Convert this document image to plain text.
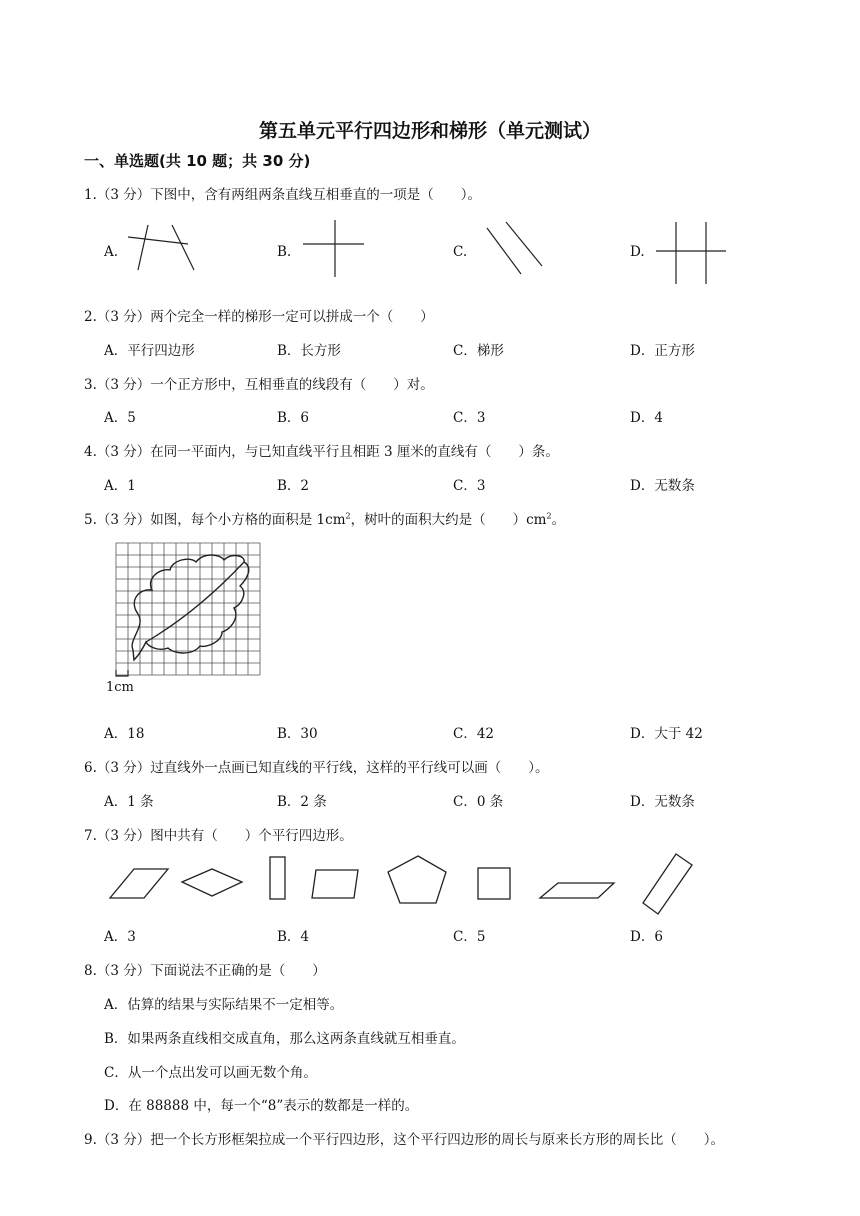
第五单元平行四边形和梯形（单元测试）
一、单选题(共 10 题；共 30 分)
1.（3 分）下图中，含有两组两条直线互相垂直的一项是（　　）。
A.	B.	C.	D.
2.（3 分）两个完全一样的梯形一定可以拼成一个（　　）
A．平行四边形	B．长方形	C．梯形	D．正方形
3.（3 分）一个正方形中，互相垂直的线段有（　　）对。
A．5	B．6	C．3	D．4
4.（3 分）在同一平面内，与已知直线平行且相距 3 厘米的直线有（　　）条。
A．1	B．2	C．3	D．无数条
5.（3 分）如图，每个小方格的面积是 $1cm^2$，树叶的面积大约是（　　）$cm^2$。
1cm
A．18	B．30	C．42	D．大于 42
6.（3 分）过直线外一点画已知直线的平行线，这样的平行线可以画（　　）。
A．1 条	B．2 条	C．0 条	D．无数条
7.（3 分）图中共有（　　）个平行四边形。
A．3	B．4	C．5	D．6
8.（3 分）下面说法不正确的是（　　）
A．估算的结果与实际结果不一定相等。
B．如果两条直线相交成直角，那么这两条直线就互相垂直。
C．从一个点出发可以画无数个角。
D．在 88888 中，每一个“8”表示的数都是一样的。
9.（3 分）把一个长方形框架拉成一个平行四边形，这个平行四边形的周长与原来长方形的周长比（　　）。
